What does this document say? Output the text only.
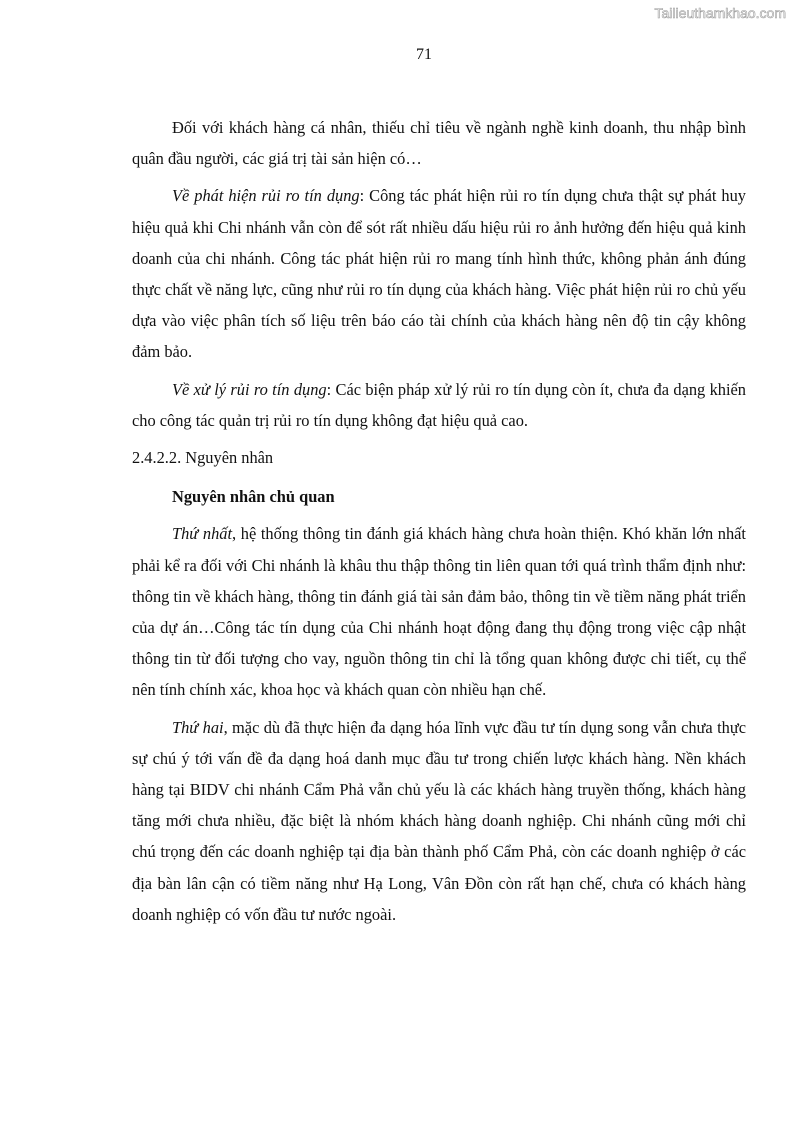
Tailieuthamkhao.com
71

Đối với khách hàng cá nhân, thiếu chỉ tiêu về ngành nghề kinh doanh, thu nhập bình quân đầu người, các giá trị tài sản hiện có…

Về phát hiện rủi ro tín dụng: Công tác phát hiện rủi ro tín dụng chưa thật sự phát huy hiệu quả khi Chi nhánh vẫn còn để sót rất nhiều dấu hiệu rủi ro ảnh hưởng đến hiệu quả kinh doanh của chi nhánh. Công tác phát hiện rủi ro mang tính hình thức, không phản ánh đúng thực chất về năng lực, cũng như rủi ro tín dụng của khách hàng. Việc phát hiện rủi ro chủ yếu dựa vào việc phân tích số liệu trên báo cáo tài chính của khách hàng nên độ tin cậy không đảm bảo.

Về xử lý rủi ro tín dụng: Các biện pháp xử lý rủi ro tín dụng còn ít, chưa đa dạng khiến cho công tác quản trị rủi ro tín dụng không đạt hiệu quả cao.

2.4.2.2. Nguyên nhân

Nguyên nhân chủ quan

Thứ nhất, hệ thống thông tin đánh giá khách hàng chưa hoàn thiện. Khó khăn lớn nhất phải kể ra đối với Chi nhánh là khâu thu thập thông tin liên quan tới quá trình thẩm định như: thông tin về khách hàng, thông tin đánh giá tài sản đảm bảo, thông tin về tiềm năng phát triển của dự án…Công tác tín dụng của Chi nhánh hoạt động đang thụ động trong việc cập nhật thông tin từ đối tượng cho vay, nguồn thông tin chỉ là tổng quan không được chi tiết, cụ thể nên tính chính xác, khoa học và khách quan còn nhiều hạn chế.

Thứ hai, mặc dù đã thực hiện đa dạng hóa lĩnh vực đầu tư tín dụng song vẫn chưa thực sự chú ý tới vấn đề đa dạng hoá danh mục đầu tư trong chiến lược khách hàng. Nền khách hàng tại BIDV chi nhánh Cẩm Phả vẫn chủ yếu là các khách hàng truyền thống, khách hàng tăng mới chưa nhiều, đặc biệt là nhóm khách hàng doanh nghiệp. Chi nhánh cũng mới chỉ chú trọng đến các doanh nghiệp tại địa bàn thành phố Cẩm Phả, còn các doanh nghiệp ở các địa bàn lân cận có tiềm năng như Hạ Long, Vân Đồn còn rất hạn chế, chưa có khách hàng doanh nghiệp có vốn đầu tư nước ngoài.
